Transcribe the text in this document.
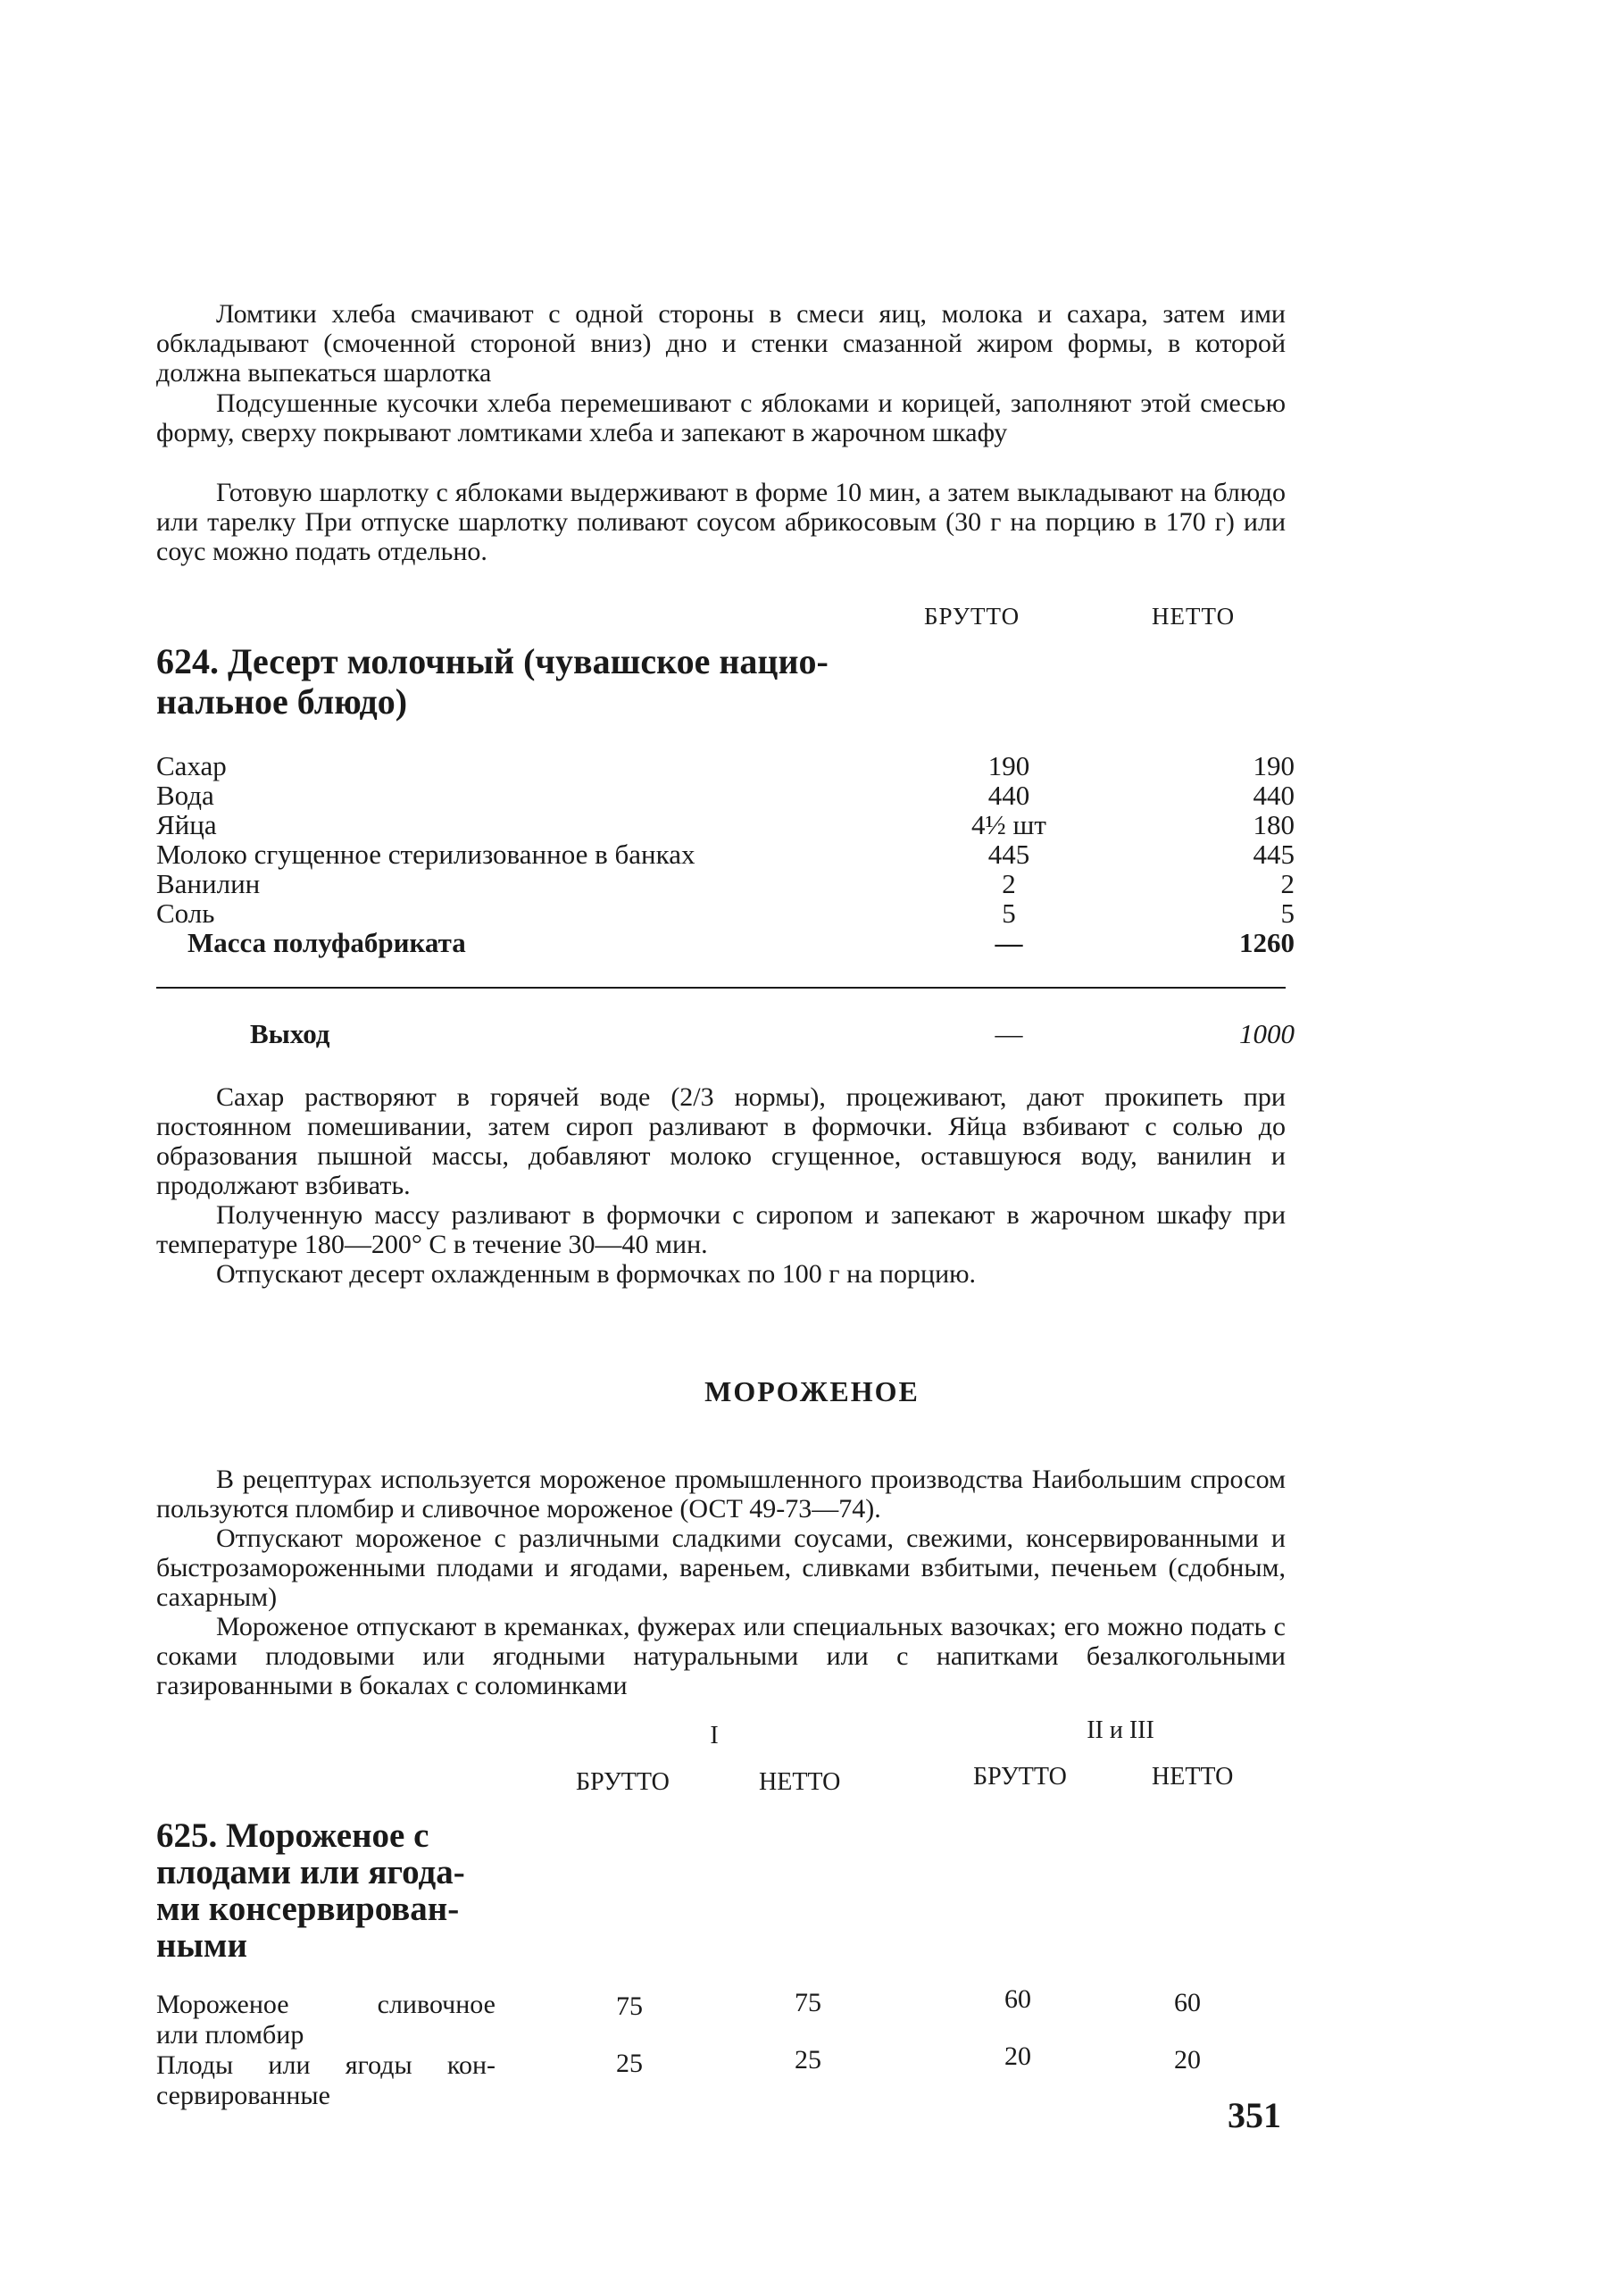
Ломтики хлеба смачивают с одной стороны в смеси яиц, молока и сахара, затем ими обкладывают (смоченной стороной вниз) дно и стенки смазанной жиром формы, в которой должна выпекаться шарлотка

Подсушенные кусочки хлеба перемешивают с яблоками и корицей, заполняют этой смесью форму, сверху покрывают ломтиками хлеба и запекают в жарочном шкафу

Готовую шарлотку с яблоками выдерживают в форме 10 мин, а затем выкладывают на блюдо или тарелку При отпуске шарлотку поливают соусом абрикосовым (30 г на порцию в 170 г) или соус можно подать отдельно.

БРУТТО	НЕТТО
624. Десерт молочный (чувашское нацио-
нальное блюдо)
Сахар	190	190
Вода	440	440
Яйца	4½ шт	180
Молоко сгущенное стерилизованное в банках	445	445
Ванилин	2	2
Соль	5	5
Масса полуфабриката	—	1260
Выход	—	1000

Сахар растворяют в горячей воде (2/3 нормы), процеживают, дают прокипеть при постоянном помешивании, затем сироп разливают в формочки. Яйца взбивают с солью до образования пышной массы, добавляют молоко сгущенное, оставшуюся воду, ванилин и продолжают взбивать.

Полученную массу разливают в формочки с сиропом и запекают в жарочном шкафу при температуре 180—200° С в течение 30—40 мин.

Отпускают десерт охлажденным в формочках по 100 г на порцию.

МОРОЖЕНОЕ

В рецептурах используется мороженое промышленного производства Наибольшим спросом пользуются пломбир и сливочное мороженое (ОСТ 49-73—74).

Отпускают мороженое с различными сладкими соусами, свежими, консервированными и быстрозамороженными плодами и ягодами, вареньем, сливками взбитыми, печеньем (сдобным, сахарным)

Мороженое отпускают в креманках, фужерах или специальных вазочках; его можно подать с соками плодовыми или ягодными натуральными или с напитками безалкогольными газированными в бокалах с соломинками

I	II и III
БРУТТО	НЕТТО	БРУТТО	НЕТТО
625. Мороженое с
плодами или ягода-
ми консервирован-
ными
Мороженое сливочное
или пломбир
75	75	60	60
Плоды или ягоды кон-
сервированные
25	25	20	20
351
